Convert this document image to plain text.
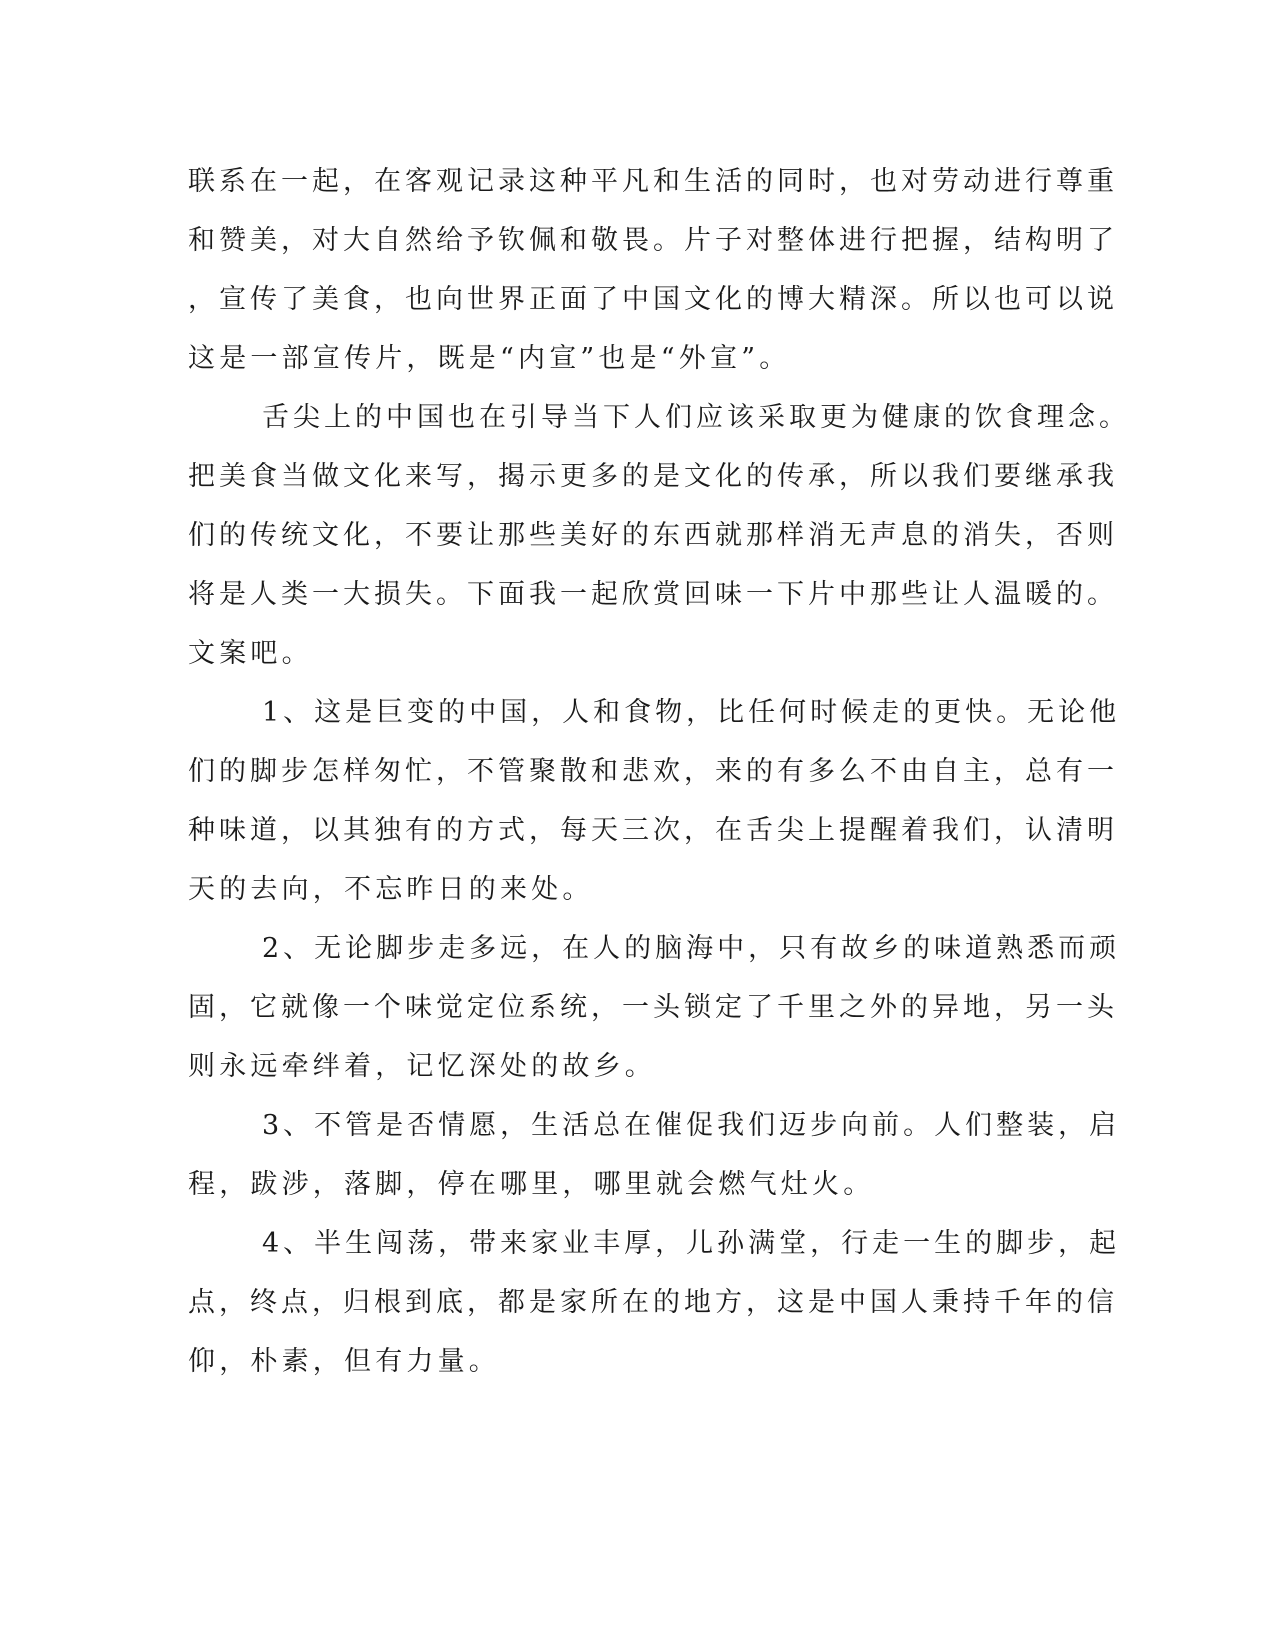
联系在一起，在客观记录这种平凡和生活的同时，也对劳动进行尊重
和赞美，对大自然给予钦佩和敬畏。片子对整体进行把握，结构明了
，宣传了美食，也向世界正面了中国文化的博大精深。所以也可以说
这是一部宣传片，既是“内宣”也是“外宣”。
舌尖上的中国也在引导当下人们应该采取更为健康的饮食理念。
把美食当做文化来写，揭示更多的是文化的传承，所以我们要继承我
们的传统文化，不要让那些美好的东西就那样消无声息的消失，否则
将是人类一大损失。下面我一起欣赏回味一下片中那些让人温暖的。
文案吧。
1、这是巨变的中国，人和食物，比任何时候走的更快。无论他
们的脚步怎样匆忙，不管聚散和悲欢，来的有多么不由自主，总有一
种味道，以其独有的方式，每天三次，在舌尖上提醒着我们，认清明
天的去向，不忘昨日的来处。
2、无论脚步走多远，在人的脑海中，只有故乡的味道熟悉而顽
固，它就像一个味觉定位系统，一头锁定了千里之外的异地，另一头
则永远牵绊着，记忆深处的故乡。
3、不管是否情愿，生活总在催促我们迈步向前。人们整装，启
程，跋涉，落脚，停在哪里，哪里就会燃气灶火。
4、半生闯荡，带来家业丰厚，儿孙满堂，行走一生的脚步，起
点，终点，归根到底，都是家所在的地方，这是中国人秉持千年的信
仰，朴素，但有力量。
